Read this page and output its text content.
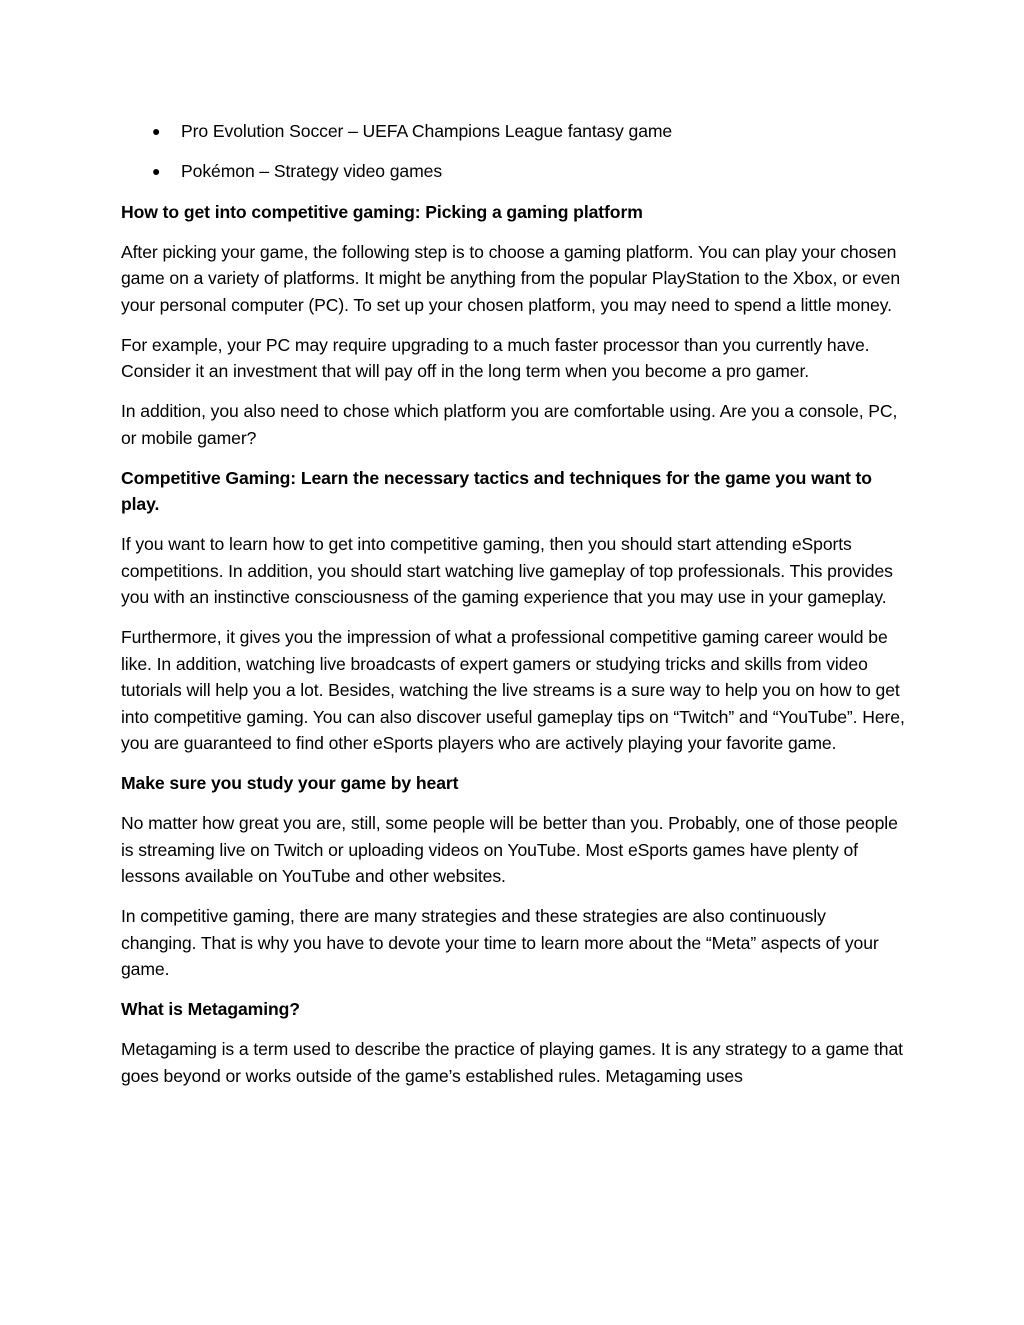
● Pro Evolution Soccer – UEFA Champions League fantasy game
● Pokémon – Strategy video games
How to get into competitive gaming: Picking a gaming platform

After picking your game, the following step is to choose a gaming platform. You can play your chosen game on a variety of platforms. It might be anything from the popular PlayStation to the Xbox, or even your personal computer (PC). To set up your chosen platform, you may need to spend a little money.

For example, your PC may require upgrading to a much faster processor than you currently have. Consider it an investment that will pay off in the long term when you become a pro gamer.

In addition, you also need to chose which platform you are comfortable using. Are you a console, PC, or mobile gamer?

Competitive Gaming: Learn the necessary tactics and techniques for the game you want to play.

If you want to learn how to get into competitive gaming, then you should start attending eSports competitions. In addition, you should start watching live gameplay of top professionals. This provides you with an instinctive consciousness of the gaming experience that you may use in your gameplay.

Furthermore, it gives you the impression of what a professional competitive gaming career would be like. In addition, watching live broadcasts of expert gamers or studying tricks and skills from video tutorials will help you a lot. Besides, watching the live streams is a sure way to help you on how to get into competitive gaming. You can also discover useful gameplay tips on “Twitch” and “YouTube”. Here, you are guaranteed to find other eSports players who are actively playing your favorite game.

Make sure you study your game by heart

No matter how great you are, still, some people will be better than you. Probably, one of those people is streaming live on Twitch or uploading videos on YouTube. Most eSports games have plenty of lessons available on YouTube and other websites.

In competitive gaming, there are many strategies and these strategies are also continuously changing. That is why you have to devote your time to learn more about the “Meta” aspects of your game.

What is Metagaming?

Metagaming is a term used to describe the practice of playing games. It is any strategy to a game that goes beyond or works outside of the game’s established rules. Metagaming uses
